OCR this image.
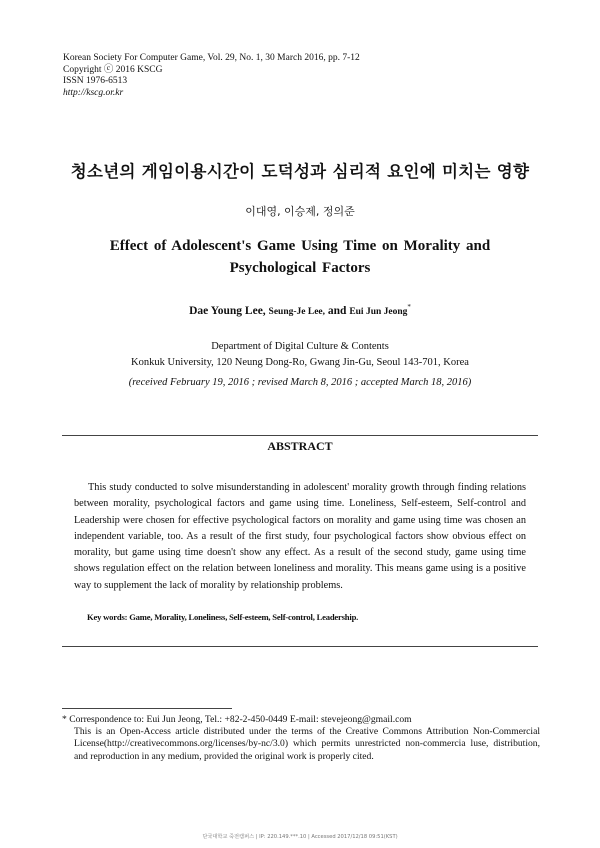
Korean Society For Computer Game, Vol. 29, No. 1, 30 March 2016, pp. 7-12
Copyright ⓒ 2016 KSCG
ISSN 1976-6513
http://kscg.or.kr
청소년의 게임이용시간이 도덕성과 심리적 요인에 미치는 영향
이대영, 이승제, 정의준
Effect of Adolescent's Game Using Time on Morality and Psychological Factors
Dae Young Lee, Seung-Je Lee, and Eui Jun Jeong*
Department of Digital Culture & Contents
Konkuk University, 120 Neung Dong-Ro, Gwang Jin-Gu, Seoul 143-701, Korea
(received February 19, 2016 ; revised March 8, 2016 ; accepted March 18, 2016)
ABSTRACT
This study conducted to solve misunderstanding in adolescent' morality growth through finding relations between morality, psychological factors and game using time. Loneliness, Self-esteem, Self-control and Leadership were chosen for effective psychological factors on morality and game using time was chosen an independent variable, too. As a result of the first study, four psychological factors show obvious effect on morality, but game using time doesn't show any effect. As a result of the second study, game using time shows regulation effect on the relation between loneliness and morality. This means game using is a positive way to supplement the lack of morality by relationship problems.
Key words: Game, Morality, Loneliness, Self-esteem, Self-control, Leadership.
* Correspondence to: Eui Jun Jeong, Tel.: +82-2-450-0449 E-mail: stevejeong@gmail.com
This is an Open-Access article distributed under the terms of the Creative Commons Attribution Non-Commercial License(http://creativecommons.org/licenses/by-nc/3.0) which permits unrestricted non-commercia luse, distribution, and reproduction in any medium, provided the original work is properly cited.
단국대학교 죽전캠퍼스 | IP: 220.149.***.10 | Accessed 2017/12/18 09:51(KST)
